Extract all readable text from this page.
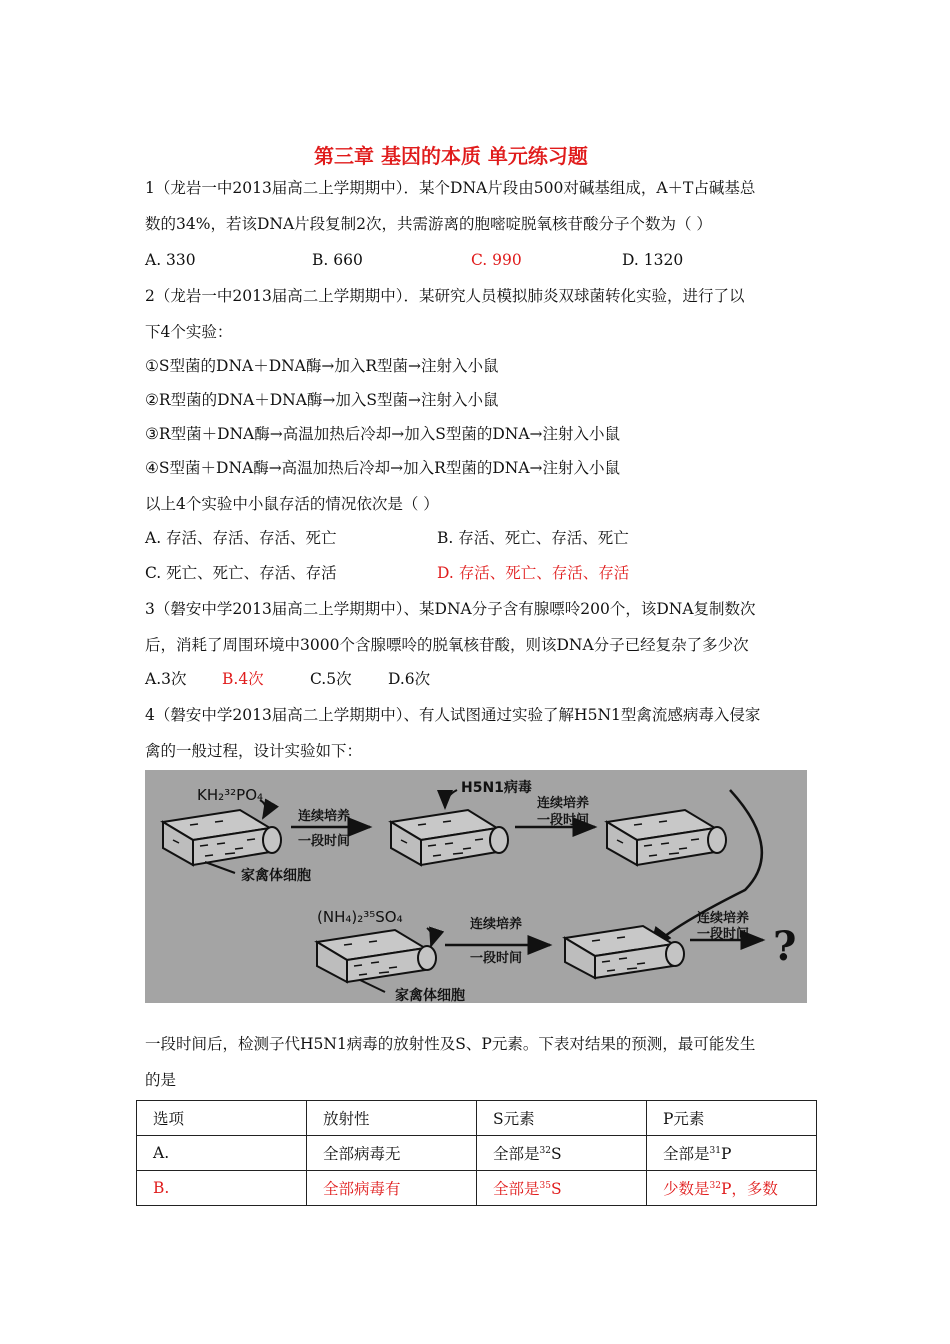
第三章 基因的本质 单元练习题
1（龙岩一中2013届高二上学期期中）．某个DNA片段由500对碱基组成，A＋T占碱基总
数的34%，若该DNA片段复制2次，共需游离的胞嘧啶脱氧核苷酸分子个数为（ ）
A. 330	B. 660	C. 990	D. 1320
2（龙岩一中2013届高二上学期期中）．某研究人员模拟肺炎双球菌转化实验，进行了以
下4个实验：
①S型菌的DNA＋DNA酶→加入R型菌→注射入小鼠
②R型菌的DNA＋DNA酶→加入S型菌→注射入小鼠
③R型菌＋DNA酶→高温加热后冷却→加入S型菌的DNA→注射入小鼠
④S型菌＋DNA酶→高温加热后冷却→加入R型菌的DNA→注射入小鼠
以上4个实验中小鼠存活的情况依次是（ ）
A. 存活、存活、存活、死亡	B. 存活、死亡、存活、死亡
C. 死亡、死亡、存活、存活	D. 存活、死亡、存活、存活
3（磐安中学2013届高二上学期期中）、某DNA分子含有腺嘌呤200个，该DNA复制数次
后，消耗了周围环境中3000个含腺嘌呤的脱氧核苷酸，则该DNA分子已经复杂了多少次
A.3次 B.4次	C.5次 D.6次
4（磐安中学2013届高二上学期期中）、有人试图通过实验了解H5N1型禽流感病毒入侵家
禽的一般过程，设计实验如下：
KH₂³²PO₄
家禽体细胞
连续培养
一段时间
H5N1病毒
连续培养
一段时间
(NH₄)₂³⁵SO₄
家禽体细胞
连续培养
一段时间
连续培养
一段时间 ?
一段时间后，检测子代H5N1病毒的放射性及S、P元素。下表对结果的预测，最可能发生
的是
选项	放射性	S元素	P元素
A.	全部病毒无	全部是$^{32}$S	全部是$^{31}$P
B.	全部病毒有	全部是$^{35}$S	少数是$^{32}$P，多数
